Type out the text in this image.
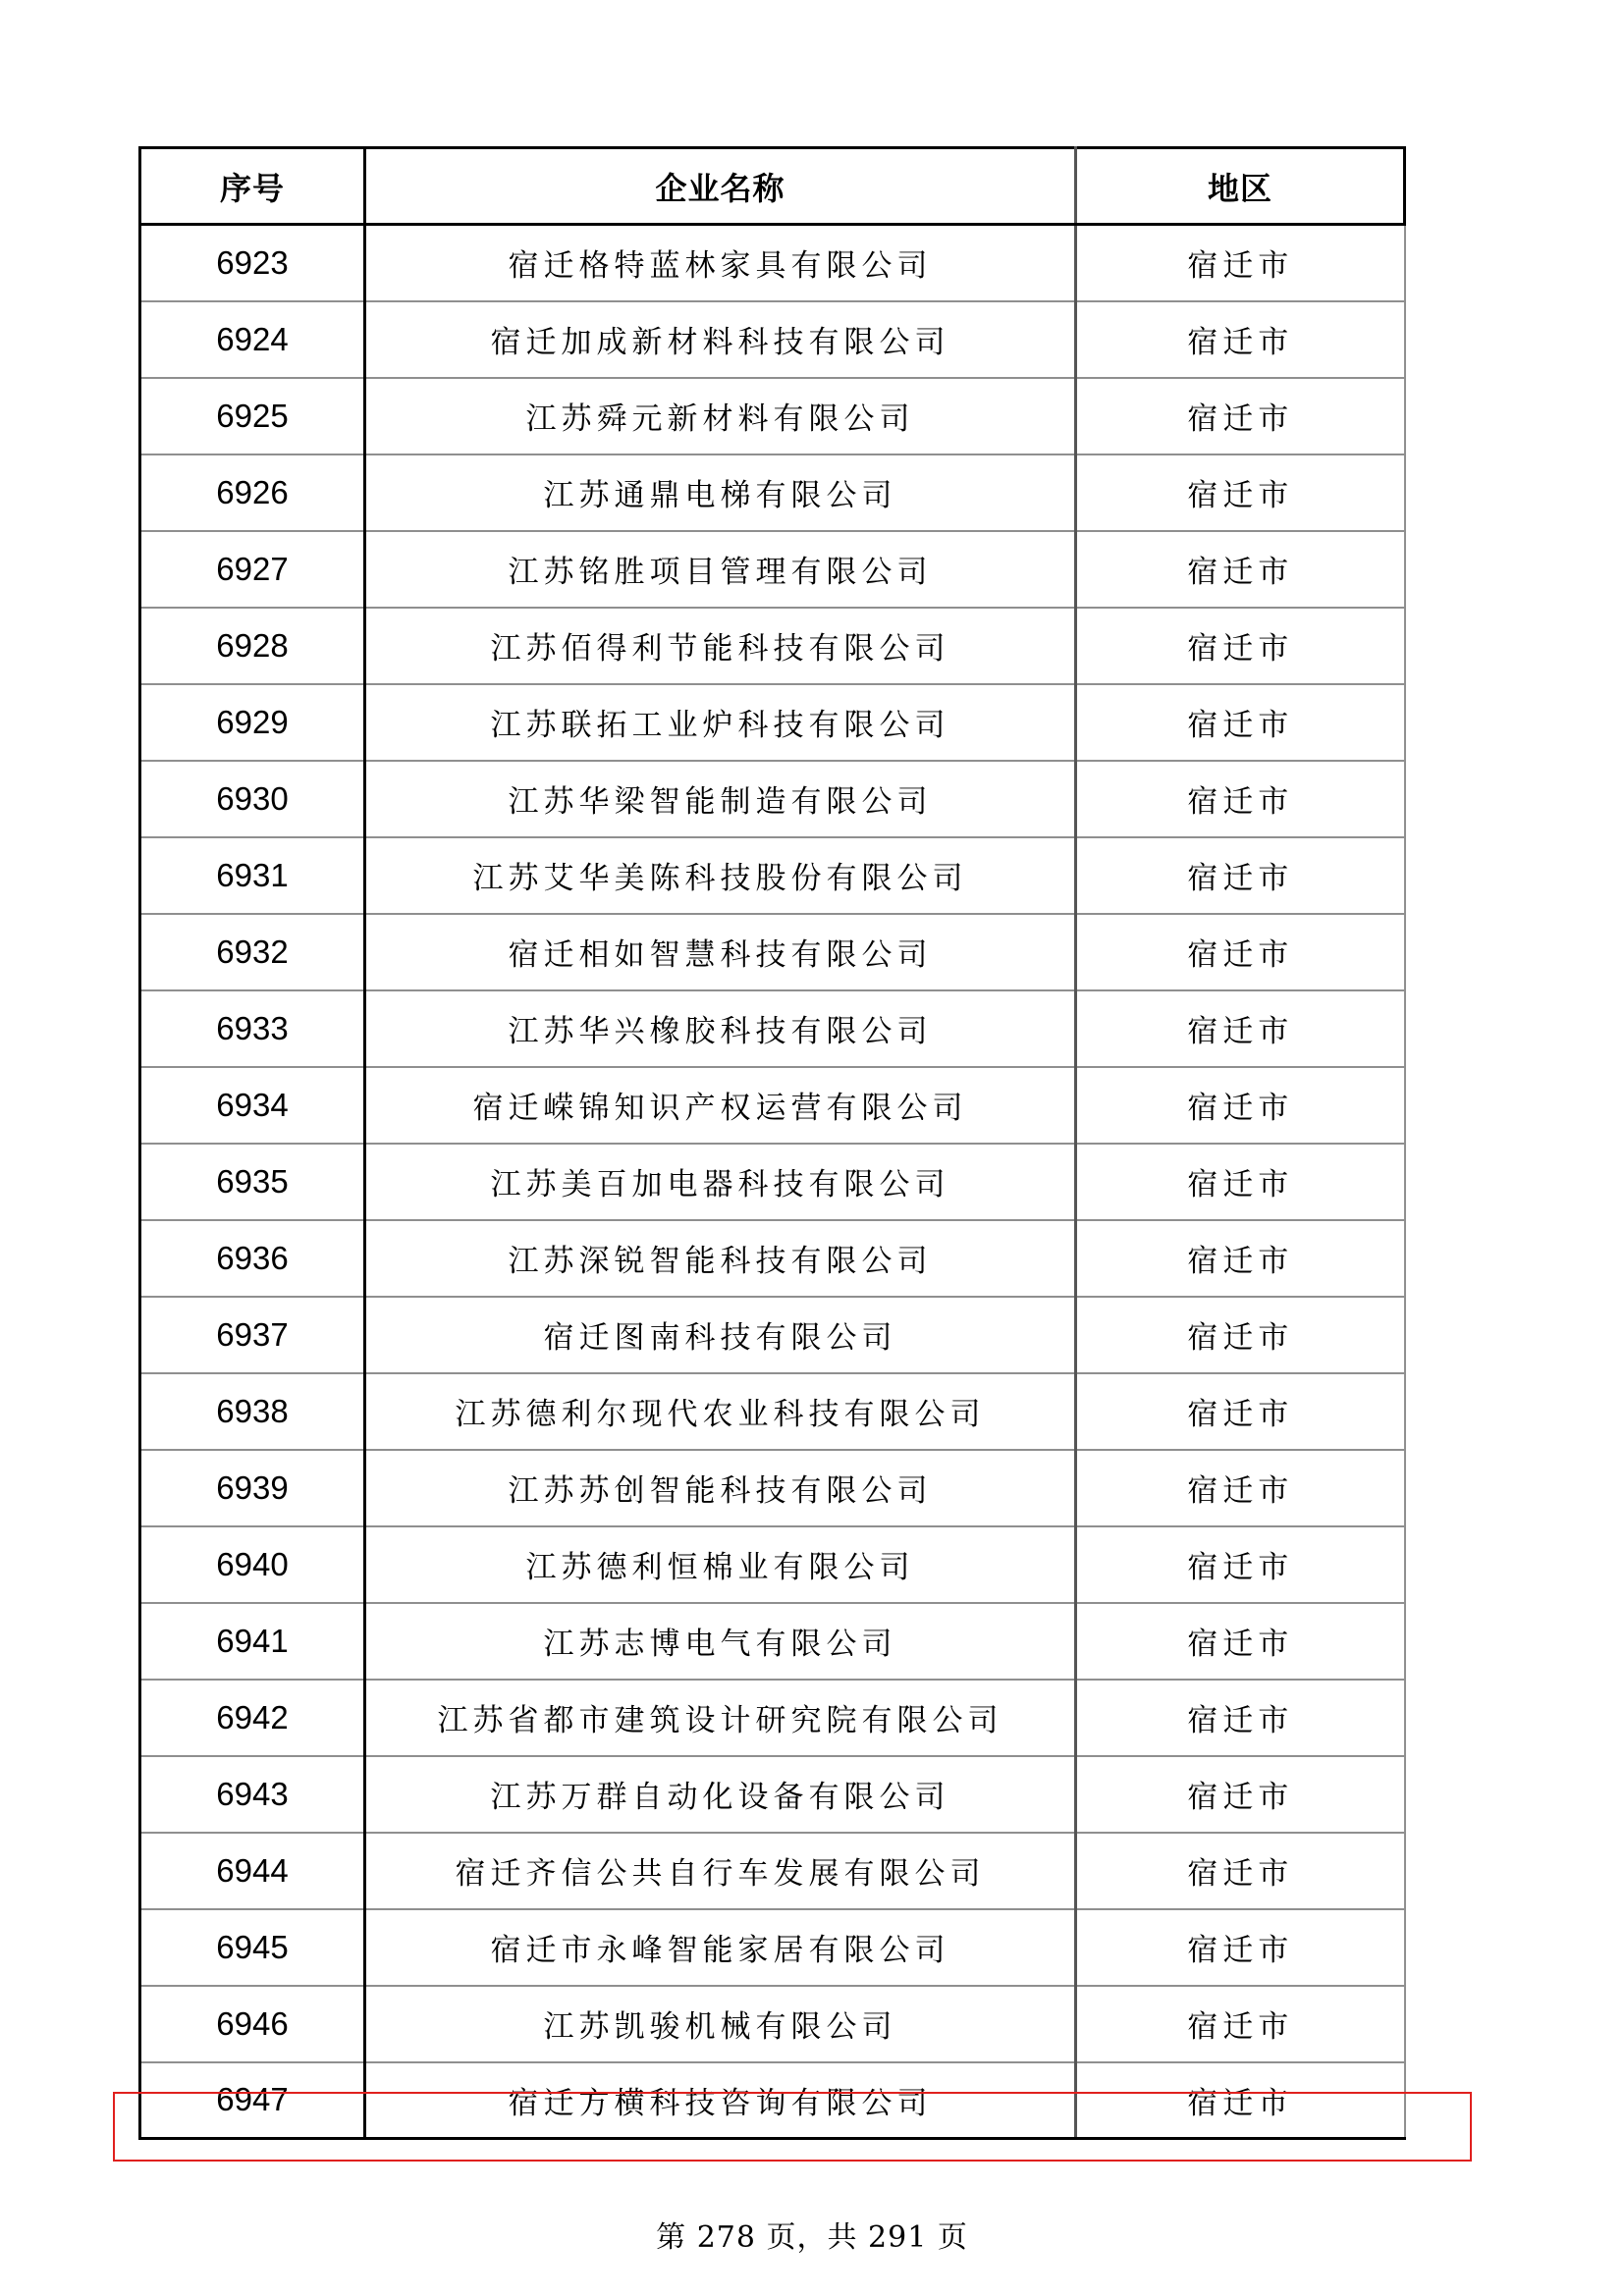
序号	企业名称	地区
6923	宿迁格特蓝林家具有限公司	宿迁市
6924	宿迁加成新材料科技有限公司	宿迁市
6925	江苏舜元新材料有限公司	宿迁市
6926	江苏通鼎电梯有限公司	宿迁市
6927	江苏铭胜项目管理有限公司	宿迁市
6928	江苏佰得利节能科技有限公司	宿迁市
6929	江苏联拓工业炉科技有限公司	宿迁市
6930	江苏华梁智能制造有限公司	宿迁市
6931	江苏艾华美陈科技股份有限公司	宿迁市
6932	宿迁相如智慧科技有限公司	宿迁市
6933	江苏华兴橡胶科技有限公司	宿迁市
6934	宿迁嵘锦知识产权运营有限公司	宿迁市
6935	江苏美百加电器科技有限公司	宿迁市
6936	江苏深锐智能科技有限公司	宿迁市
6937	宿迁图南科技有限公司	宿迁市
6938	江苏德利尔现代农业科技有限公司	宿迁市
6939	江苏苏创智能科技有限公司	宿迁市
6940	江苏德利恒棉业有限公司	宿迁市
6941	江苏志博电气有限公司	宿迁市
6942	江苏省都市建筑设计研究院有限公司	宿迁市
6943	江苏万群自动化设备有限公司	宿迁市
6944	宿迁齐信公共自行车发展有限公司	宿迁市
6945	宿迁市永峰智能家居有限公司	宿迁市
6946	江苏凯骏机械有限公司	宿迁市
6947	宿迁方横科技咨询有限公司	宿迁市
第 278 页，共 291 页
